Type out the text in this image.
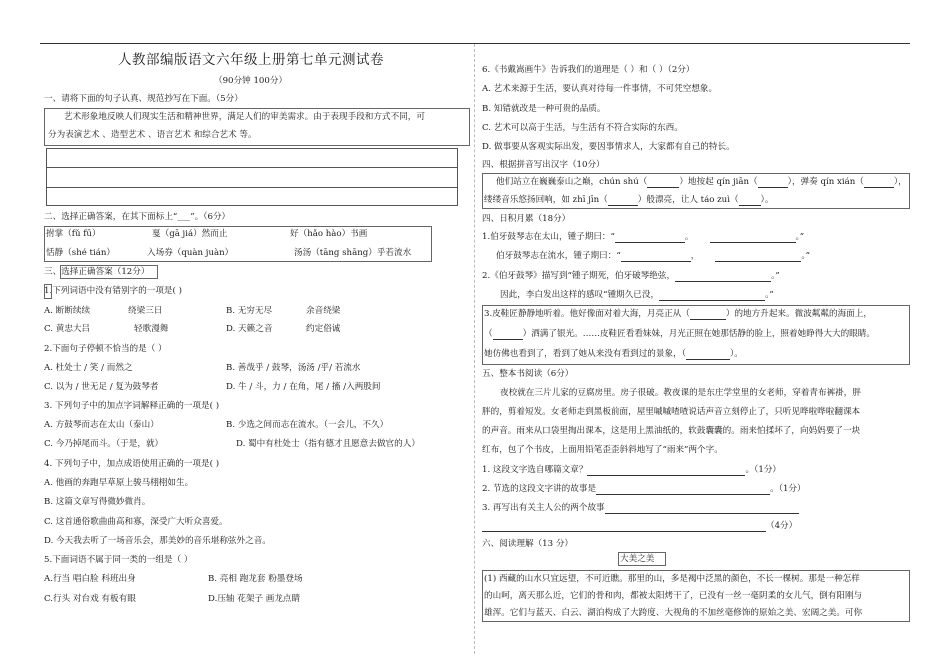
人教部编版语文六年级上册第七单元测试卷
（90分钟 100分）
一、请将下面的句子认真、规范抄写在下面。（5分）
艺术形象地反映人们现实生活和精神世界，满足人们的审美需求。由于表现手段和方式不同，可
分为表演艺术 、造型艺术 、语言艺术 和综合艺术 等。
二、选择正确答案，在其下面标上“___”。（6分）
拊掌（fǔ fū）	戛（gā jiá）然而止	好（hǎo hào）书画
恬静（shé tián）	入场券（quàn juàn）	汤汤（tāng shāng）乎若流水
三、选择正确答案（12分）
1.下列词语中没有错别字的一项是( )
A. 断断续续	绕梁三日	B. 无穷无尽	余音绕梁
C. 黄忠大吕	轻歌漫舞	D. 天籁之音	约定俗诚
2.下面句子停顿不恰当的是（ ）
A. 杜处士 / 笑 / 而然之	B. 善哉乎 / 鼓琴，汤汤 /乎/ 若流水
C. 以为 / 世无足 / 复为鼓琴者	D. 牛 / 斗，力 / 在角，尾 / 搐 /入两股间
3. 下列句子中的加点字词解释正确的一项是( )
A. 方鼓琴而志在太山（泰山）	B. 少选之间而志在流水。（一会儿，不久）
C. 今乃掉尾而斗。（于是，就）	D. 蜀中有杜处士（指有德才且愿意去做官的人）
4. 下列句子中，加点成语使用正确的一项是( )
A. 他画的奔跑早草原上骏马栩栩如生。
B. 这篇文章写得微妙微肖。
C. 这首通俗歌曲曲高和寡，深受广大听众喜爱。
D. 今天我去听了一场音乐会，那美妙的音乐堪称弦外之音。
5.下面词语不属于同一类的一组是（ ）
A.行当 唱白脸 科班出身	B. 亮相 跑龙套 粉墨登场
C.行头 对台戏 有板有眼	D.压轴 花架子 画龙点睛
6.《书戴嵩画牛》告诉我们的道理是（ ）和（ ）（2分）
A. 艺术来源于生活，要认真对待每一件事情，不可凭空想象。
B. 知错就改是一种可贵的品质。
C. 艺术可以高于生活，与生活有不符合实际的东西。
D. 做事要从客观实际出发，要因事情求人，大家都有自己的特长。
四、根据拼音写出汉字（10分）
他们站立在巍巍泰山之巅，chún shú（	）地按起 qín jiān（	），弹奏 qín xián（	），
缕缕音乐悠扬回响，如 zhī jīn（	）般漂亮，让人 táo zuì（	）。
四、日积月累（18分）
1.伯牙鼓琴志在太山，锺子期曰：“	。	。”
伯牙鼓琴志在流水，锺子期曰：“	，	。”
2.《伯牙鼓琴》描写到“锺子期死，伯牙破琴绝弦，	。”
因此，李白发出这样的感叹“锺期久已没，	。”
3.皮鞋匠静静地听着。他好像面对着大海，月亮正从（	）的地方升起来。微波粼粼的海面上，
（	）洒满了银光。……皮鞋匠看看妹妹，月光正照在她那恬静的脸上，照着她睁得大大的眼睛。
她仿佛也看到了，看到了她从来没有看到过的景象，（	）。
五、整本书阅读（6分）
夜校就在三片儿家的豆腐房里。房子很破。教夜课的是东庄学堂里的女老师，穿着青布裤褂，胖
胖的，剪着短发。女老师走到黑板前面，屋里嘁嘁喳喳说话声音立刻停止了，只听见哗啦哗啦翻课本
的声音。雨来从口袋里掏出课本，这是用上黑油纸的，软鼓囊囊的。雨来怕揉坏了，向妈妈要了一块
红布，包了个书皮，上面用铅笔歪歪斜斜地写了“雨来”两个字。
1. 这段文字选自哪篇文章？	。（1分）
2. 节选的这段文字讲的故事是	。（1分）
3. 再写出有关主人公的两个故事
（4分）
六、阅读理解（13 分）
大美之美
(1) 西藏的山水只宜远望，不可近瞧。那里的山，多是褐中泛黑的颜色，不长一棵树。那是一种怎样
的山呵，离天那么近，它们的骨和肉，都被太阳烤干了，已没有一丝一毫阴柔的女儿气，倒有阳刚与
雄浑。它们与蓝天、白云、湖泊构成了大跨度、大视角的不加丝毫修饰的原始之美、宏阔之美。可你
